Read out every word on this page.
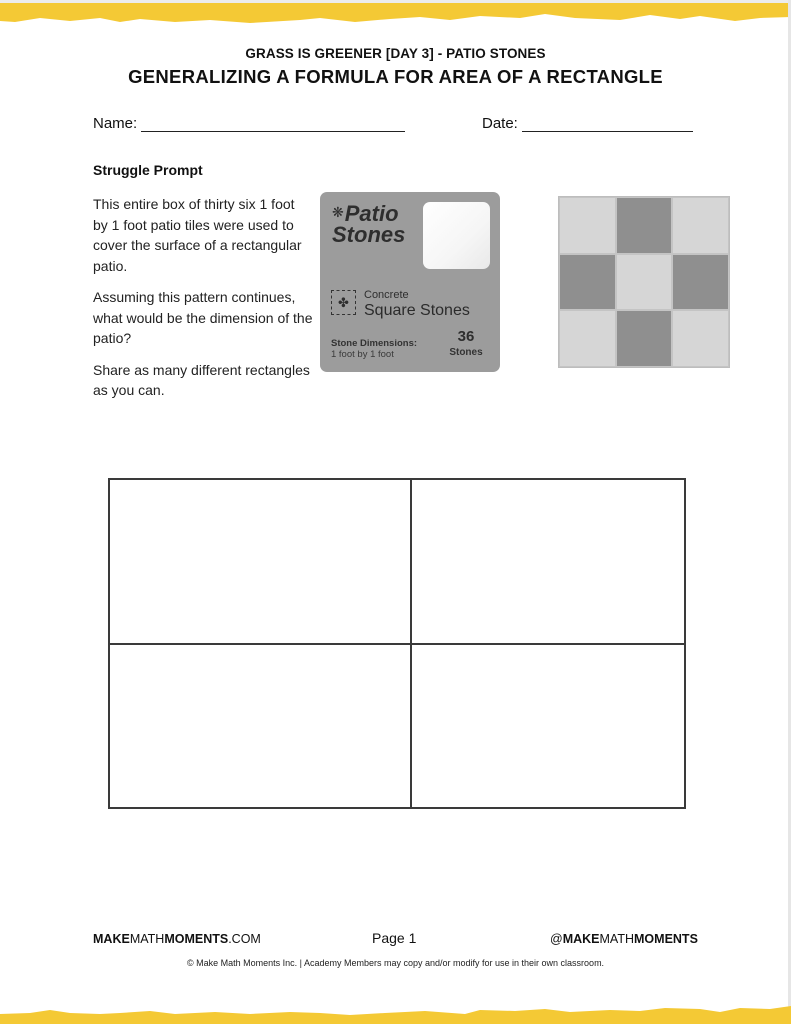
GRASS IS GREENER [DAY 3] - PATIO STONES
GENERALIZING A FORMULA FOR AREA OF A RECTANGLE
Name:	Date:
Struggle Prompt

This entire box of thirty six 1 foot by 1 foot patio tiles were used to cover the surface of a rectangular patio.

Assuming this pattern continues, what would be the dimension of the patio?

Share as many different rectangles as you can.

❋Patio
Stones
✤ Concrete
Square Stones
Stone Dimensions:
1 foot by 1 foot
36
Stones
MAKEMATHMOMENTS.COM	Page 1	@MAKEMATHMOMENTS
© Make Math Moments Inc. | Academy Members may copy and/or modify for use in their own classroom.
